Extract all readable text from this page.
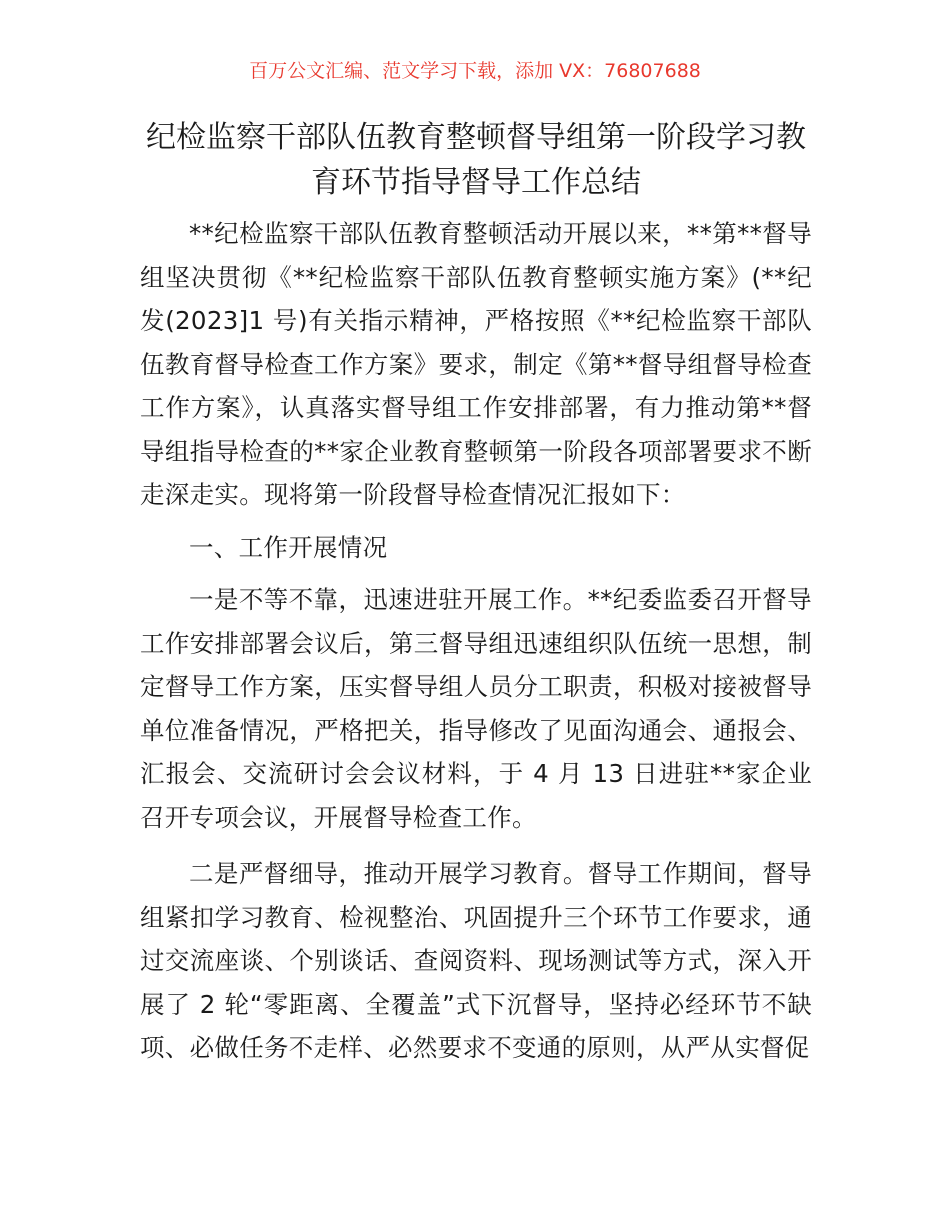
百万公文汇编、范文学习下载，添加 VX：76807688
纪检监察干部队伍教育整顿督导组第一阶段学习教育环节指导督导工作总结

**纪检监察干部队伍教育整顿活动开展以来，**第**督导组坚决贯彻《**纪检监察干部队伍教育整顿实施方案》(**纪发(2023]1 号)有关指示精神，严格按照《**纪检监察干部队伍教育督导检查工作方案》要求，制定《第**督导组督导检查工作方案》，认真落实督导组工作安排部署，有力推动第**督导组指导检查的**家企业教育整顿第一阶段各项部署要求不断走深走实。现将第一阶段督导检查情况汇报如下：

一、工作开展情况

一是不等不靠，迅速进驻开展工作。**纪委监委召开督导工作安排部署会议后，第三督导组迅速组织队伍统一思想，制定督导工作方案，压实督导组人员分工职责，积极对接被督导单位准备情况，严格把关，指导修改了见面沟通会、通报会、汇报会、交流研讨会会议材料，于 4 月 13 日进驻**家企业召开专项会议，开展督导检查工作。

二是严督细导，推动开展学习教育。督导工作期间，督导组紧扣学习教育、检视整治、巩固提升三个环节工作要求，通过交流座谈、个别谈话、查阅资料、现场测试等方式，深入开展了 2 轮“零距离、全覆盖”式下沉督导，坚持必经环节不缺项、必做任务不走样、必然要求不变通的原则，从严从实督促
